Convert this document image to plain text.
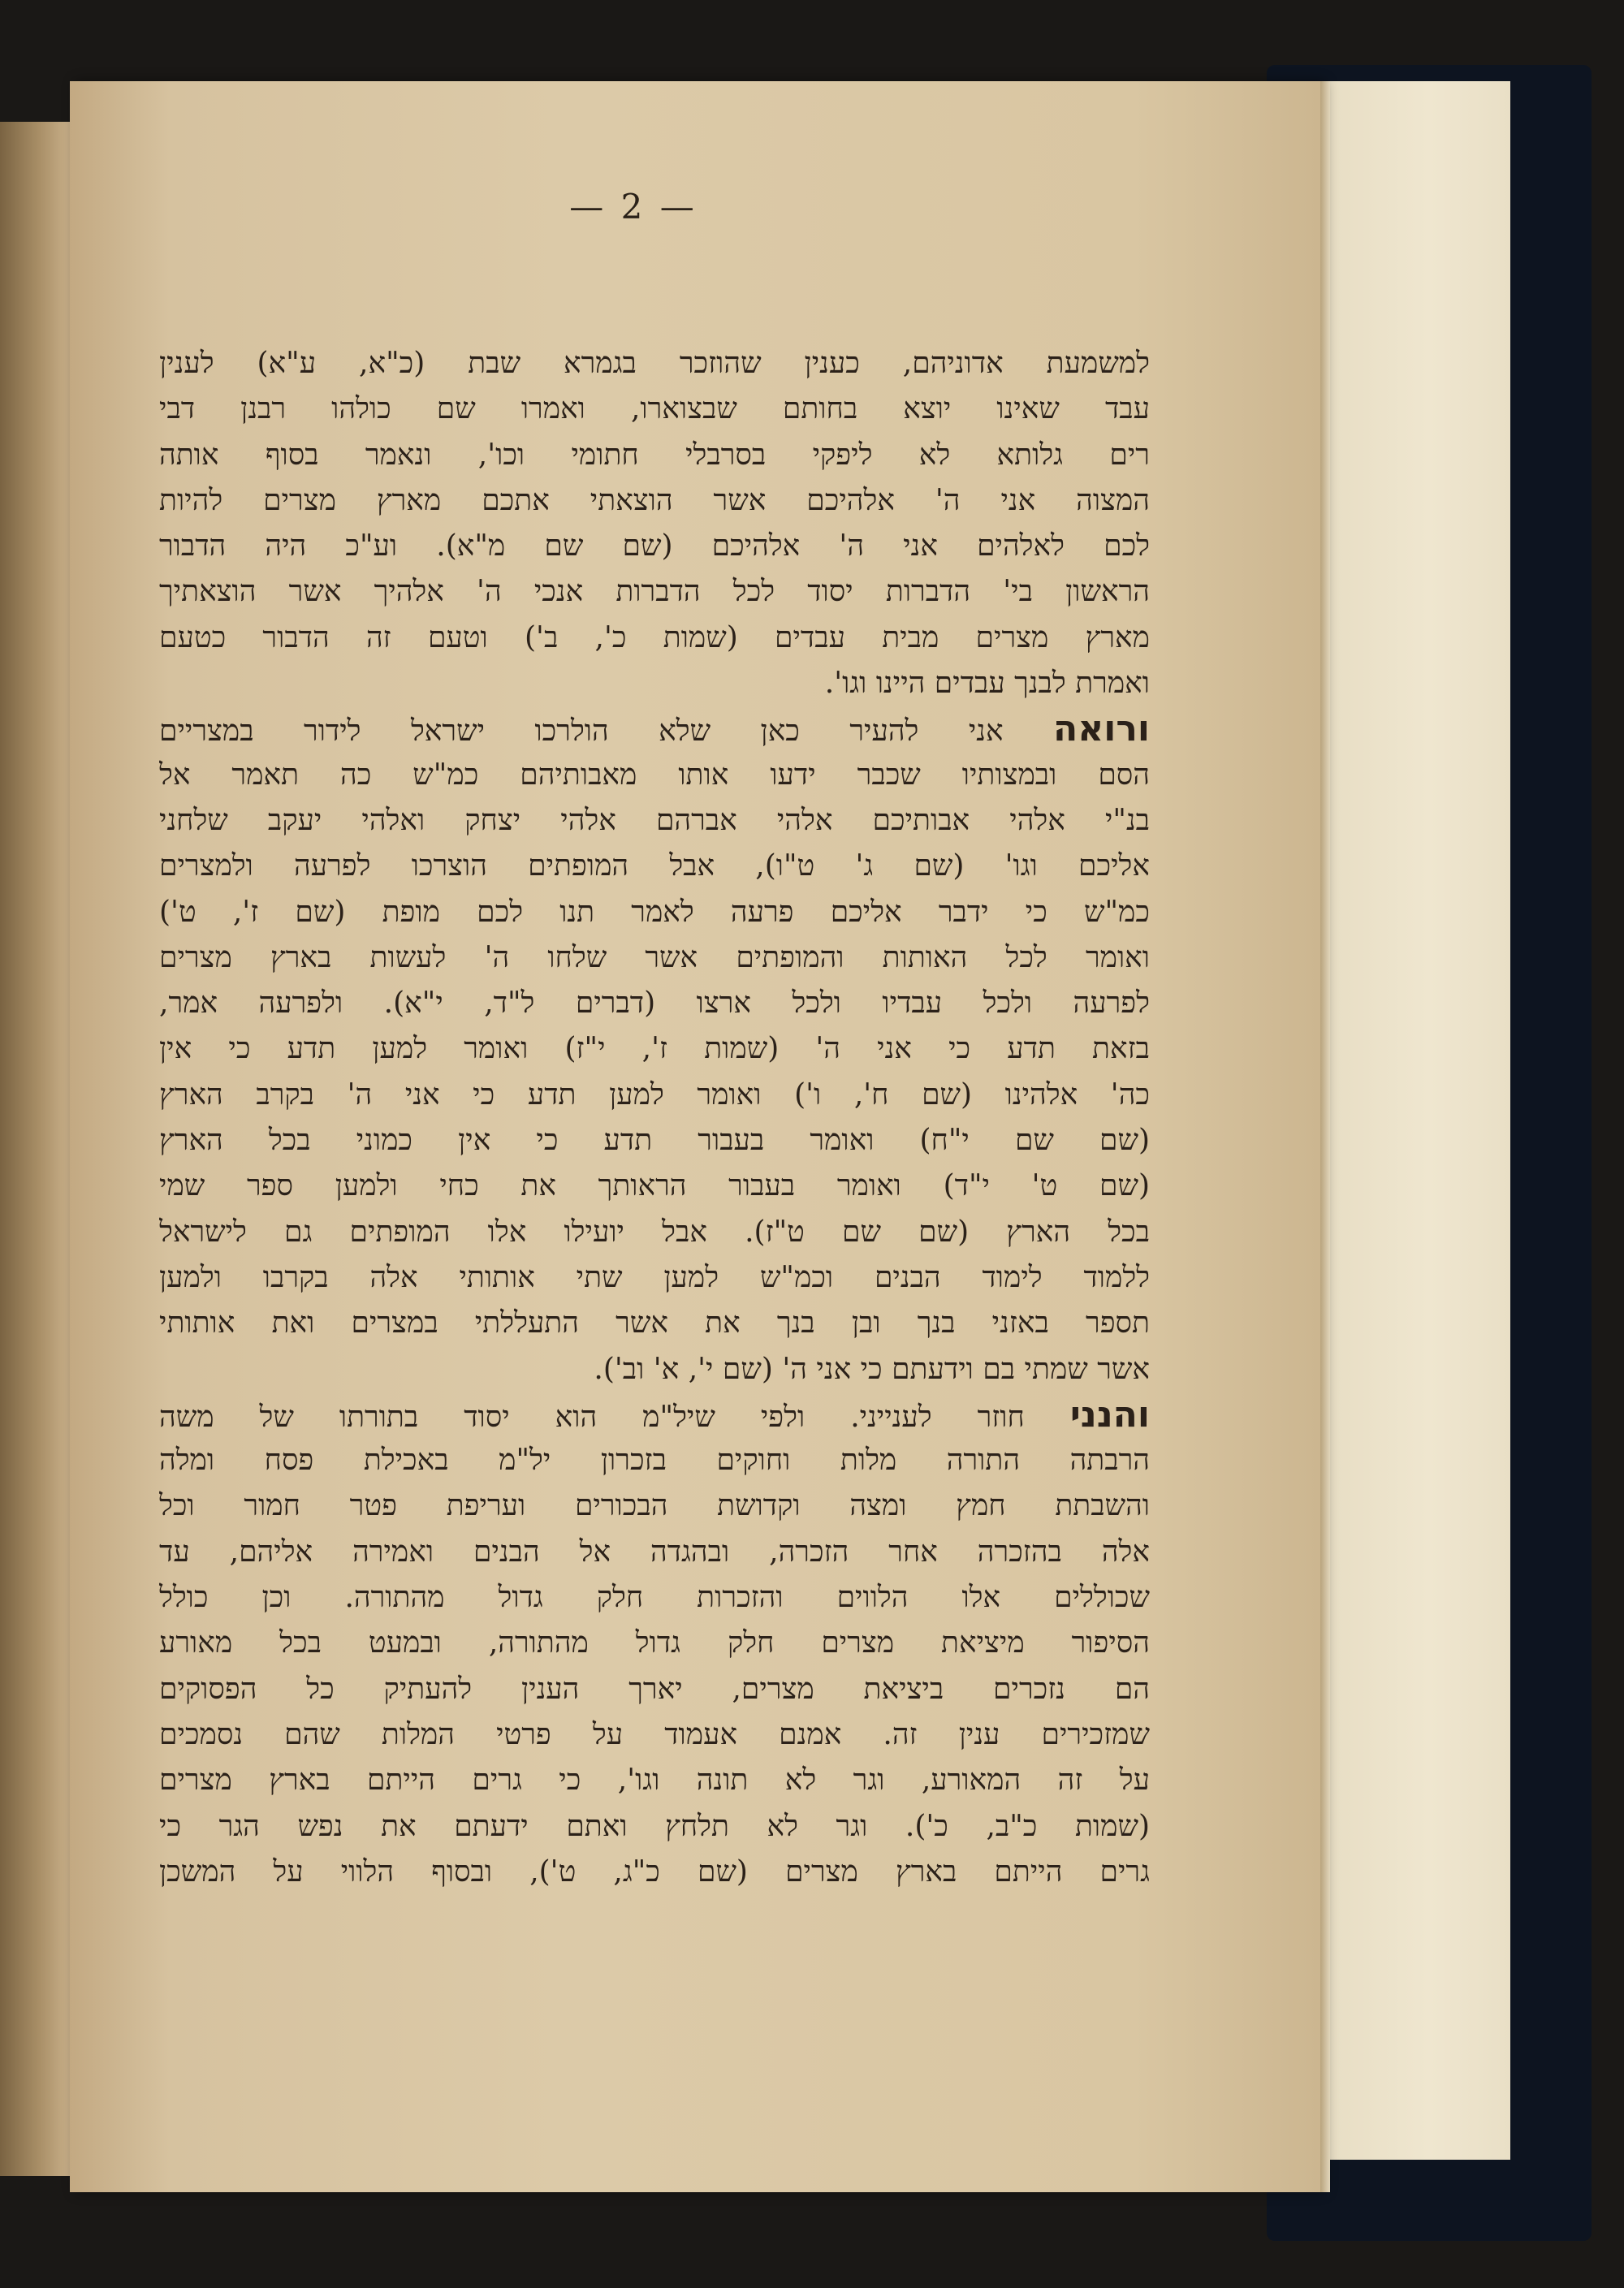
— 2 —
למשמעת אדוניהם, כענין שהוזכר בגמרא שבת (כ"א, ע"א) לענין
עבד שאינו יוצא בחותם שבצוארו, ואמרו שם כולהו רבנן דבי
רים גלותא לא ליפקי בסרבלי חתומי וכו', ונאמר בסוף אותה
המצוה אני ה' אלהיכם אשר הוצאתי אתכם מארץ מצרים להיות
לכם לאלהים אני ה' אלהיכם (שם שם מ"א). וע"כ היה הדבור
הראשון בי' הדברות יסוד לכל הדברות אנכי ה' אלהיך אשר הוצאתיך
מארץ מצרים מבית עבדים (שמות כ', ב') וטעם זה הדבור כטעם
ואמרת לבנך עבדים היינו וגו'.
ורואה אני להעיר כאן שלא הולרכו ישראל לידור במצריים
הסם ובמצותיו שכבר ידעו אותו מאבותיהם כמ"ש כה תאמר אל
בנ"י אלהי אבותיכם אלהי אברהם אלהי יצחק ואלהי יעקב שלחני
אליכם וגו' (שם ג' ט"ו), אבל המופתים הוצרכו לפרעה ולמצרים
כמ"ש כי ידבר אליכם פרעה לאמר תנו לכם מופת (שם ז', ט')
ואומר לכל האותות והמופתים אשר שלחו ה' לעשות בארץ מצרים
לפרעה ולכל עבדיו ולכל ארצו (דברים ל"ד, י"א). ולפרעה אמר,
בזאת תדע כי אני ה' (שמות ז', י"ז) ואומר למען תדע כי אין
כה' אלהינו (שם ח', ו') ואומר למען תדע כי אני ה' בקרב הארץ
(שם שם י"ח) ואומר בעבור תדע כי אין כמוני בכל הארץ
(שם ט' י"ד) ואומר בעבור הראותך את כחי ולמען ספר שמי
בכל הארץ (שם שם ט"ז). אבל יועילו אלו המופתים גם לישראל
ללמוד לימוד הבנים וכמ"ש למען שתי אותותי אלה בקרבו ולמען
תספר באזני בנך ובן בנך את אשר התעללתי במצרים ואת אותותי
אשר שמתי בם וידעתם כי אני ה' (שם י', א' וב').
והנני חוזר לענייני. ולפי שיל"מ הוא יסוד בתורתו של משה
הרבתה התורה מלות וחוקים בזכרון יל"מ באכילת פסח ומלה
והשבתת חמץ ומצה וקדושת הבכורים ועריפת פטר חמור וכל
אלה בהזכרה אחר הזכרה, ובהגדה אל הבנים ואמירה אליהם, עד
שכוללים אלו הלווים והזכרות חלק גדול מהתורה. וכן כולל
הסיפור מיציאת מצרים חלק גדול מהתורה, ובמעט בכל מאורע
הם נזכרים ביציאת מצרים, יארך הענין להעתיק כל הפסוקים
שמזכירים ענין זה. אמנם אעמוד על פרטי המלות שהם נסמכים
על זה המאורע, וגר לא תונה וגו', כי גרים הייתם בארץ מצרים
(שמות כ"ב, כ'). וגר לא תלחץ ואתם ידעתם את נפש הגר כי
גרים הייתם בארץ מצרים (שם כ"ג, ט'), ובסוף הלווי על המשכן
